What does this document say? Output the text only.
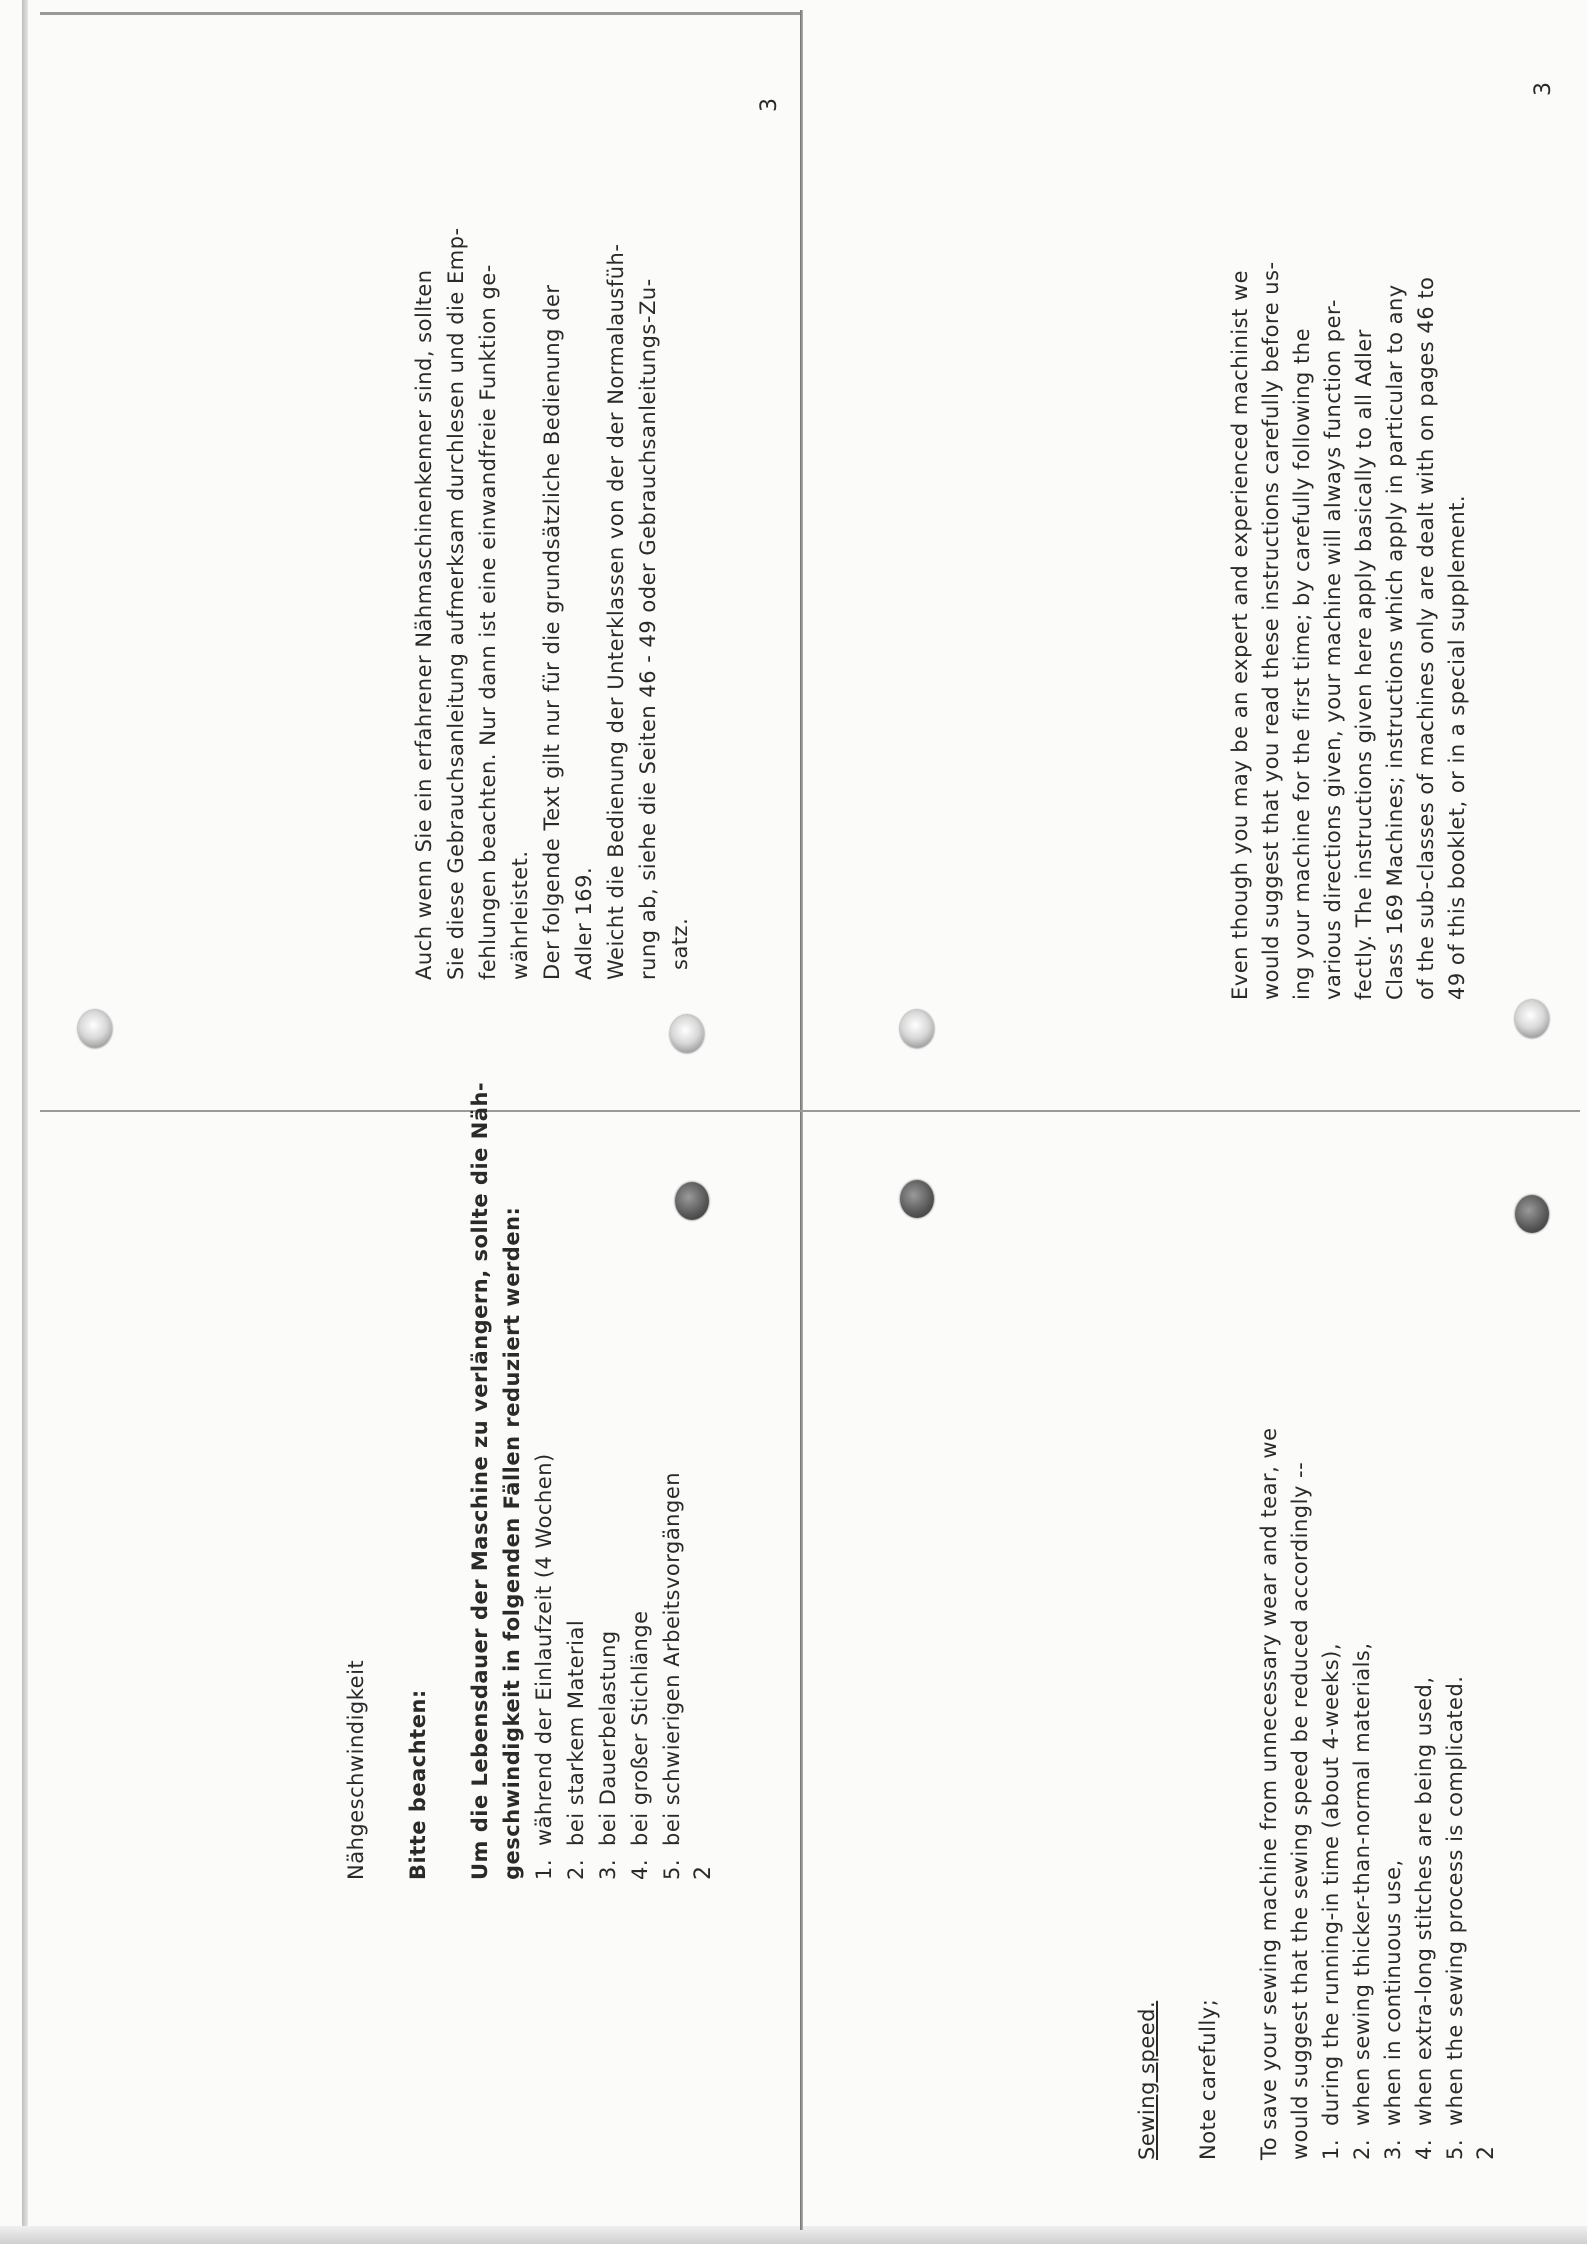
Nähgeschwindigkeit Bitte beachten: Um die Lebensdauer der Maschine zu verlängern, sollte die Näh- geschwindigkeit in folgenden Fällen reduziert werden: 1.während der Einlaufzeit (4 Wochen)
2.bei starkem Material
3.bei Dauerbelastung
4.bei großer Stichlänge
5.bei schwierigen Arbeitsvorgängen
2
Auch wenn Sie ein erfahrener Nähmaschinenkenner sind, sollten Sie diese Gebrauchsanleitung aufmerksam durchlesen und die Emp- fehlungen beachten. Nur dann ist eine einwandfreie Funktion ge- währleistet. Der folgende Text gilt nur für die grundsätzliche Bedienung der Adler 169. Weicht die Bedienung der Unterklassen von der der Normalausfüh- rung ab, siehe die Seiten 46 - 49 oder Gebrauchsanleitungs-Zu- satz.
3
Sewing speed. Note carefully; To save your sewing machine from unnecessary wear and tear, we would suggest that the sewing speed be reduced accordingly -- 1.during the running-in time (about 4-weeks),
2.when sewing thicker-than-normal materials,
3.when in continuous use,
4.when extra-long stitches are being used,
5.when the sewing process is complicated.
2
Even though you may be an expert and experienced machinist we would suggest that you read these instructions carefully before us- ing your machine for the first time; by carefully following the various directions given, your machine will always function per- fectly. The instructions given here apply basically to all Adler Class 169 Machines; instructions which apply in particular to any of the sub-classes of machines only are dealt with on pages 46 to 49 of this booklet, or in a special supplement.
3
